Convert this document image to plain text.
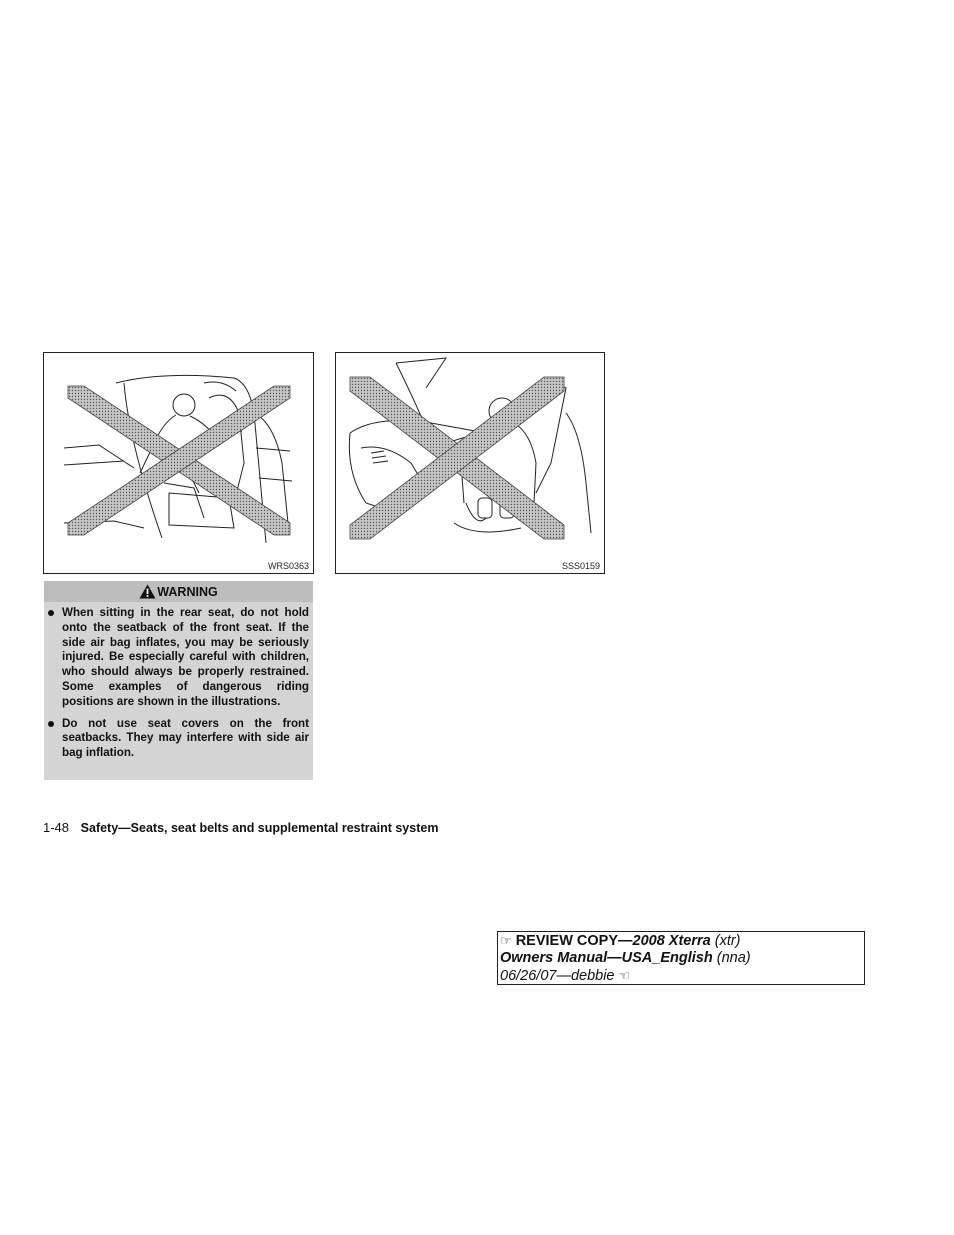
WRS0363	SSS0159
WARNING
When sitting in the rear seat, do not hold onto the seatback of the front seat. If the side air bag inflates, you may be seriously injured. Be especially careful with children, who should always be properly restrained. Some examples of dangerous riding positions are shown in the illustrations.
Do not use seat covers on the front seatbacks. They may interfere with side air bag inflation.
1-48 Safety—Seats, seat belts and supplemental restraint system
☞ REVIEW COPY—2008 Xterra (xtr)
Owners Manual—USA_English (nna)
06/26/07—debbie ☜
